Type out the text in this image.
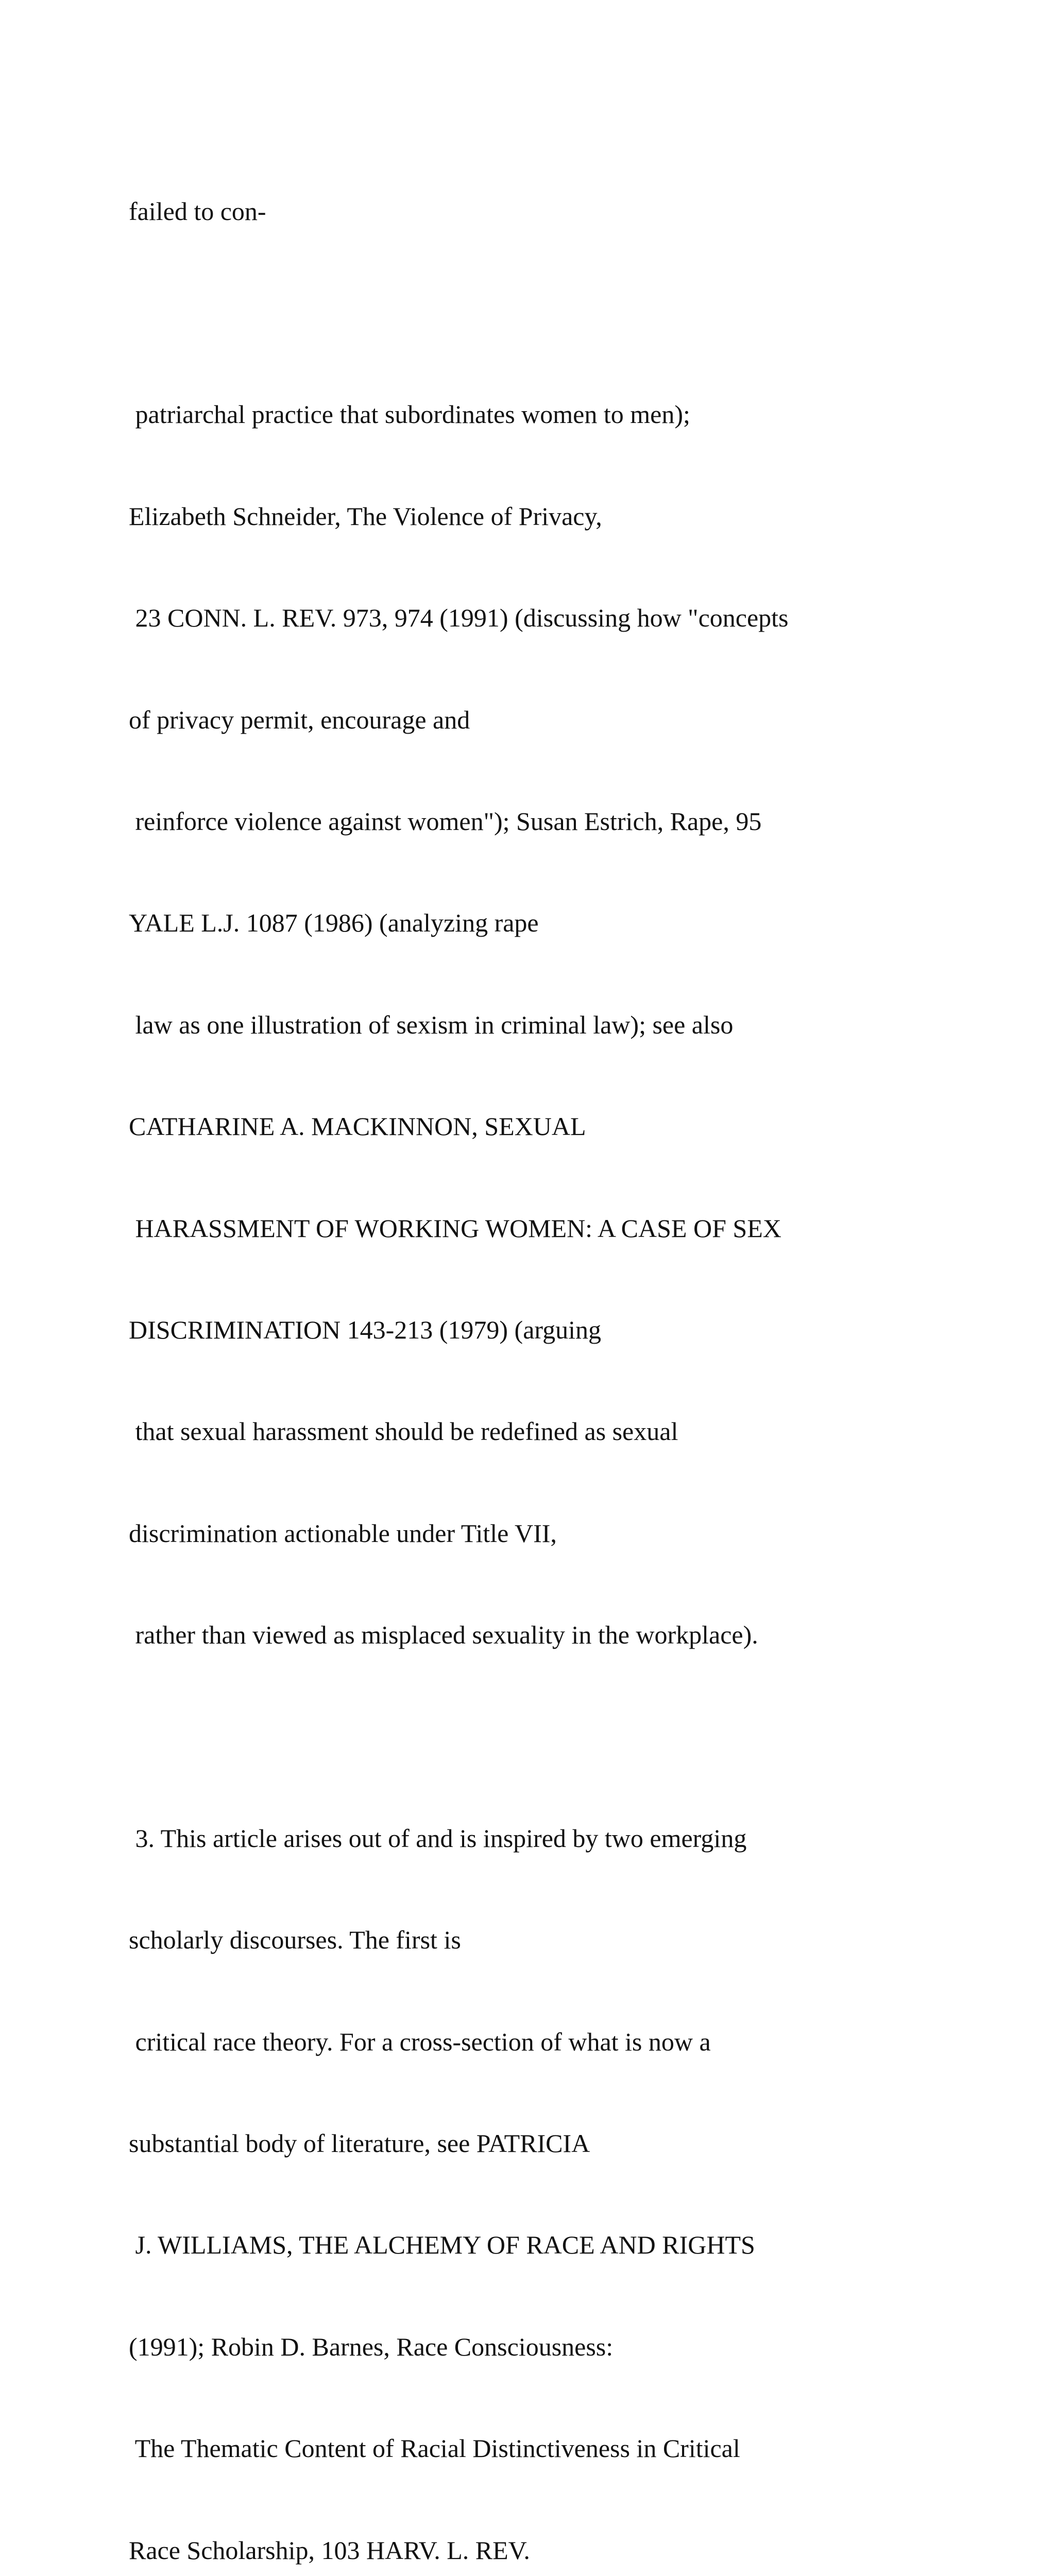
failed to con-

patriarchal practice that subordinates women to men);

Elizabeth Schneider, The Violence of Privacy,

23 CONN. L. REV. 973, 974 (1991) (discussing how "concepts

of privacy permit, encourage and

reinforce violence against women"); Susan Estrich, Rape, 95

YALE L.J. 1087 (1986) (analyzing rape

law as one illustration of sexism in criminal law); see also

CATHARINE A. MACKINNON, SEXUAL

HARASSMENT OF WORKING WOMEN: A CASE OF SEX

DISCRIMINATION 143-213 (1979) (arguing

that sexual harassment should be redefined as sexual

discrimination actionable under Title VII,

rather than viewed as misplaced sexuality in the workplace).

3. This article arises out of and is inspired by two emerging

scholarly discourses. The first is

critical race theory. For a cross-section of what is now a

substantial body of literature, see PATRICIA

J. WILLIAMS, THE ALCHEMY OF RACE AND RIGHTS

(1991); Robin D. Barnes, Race Consciousness:

The Thematic Content of Racial Distinctiveness in Critical

Race Scholarship, 103 HARV. L. REV.
